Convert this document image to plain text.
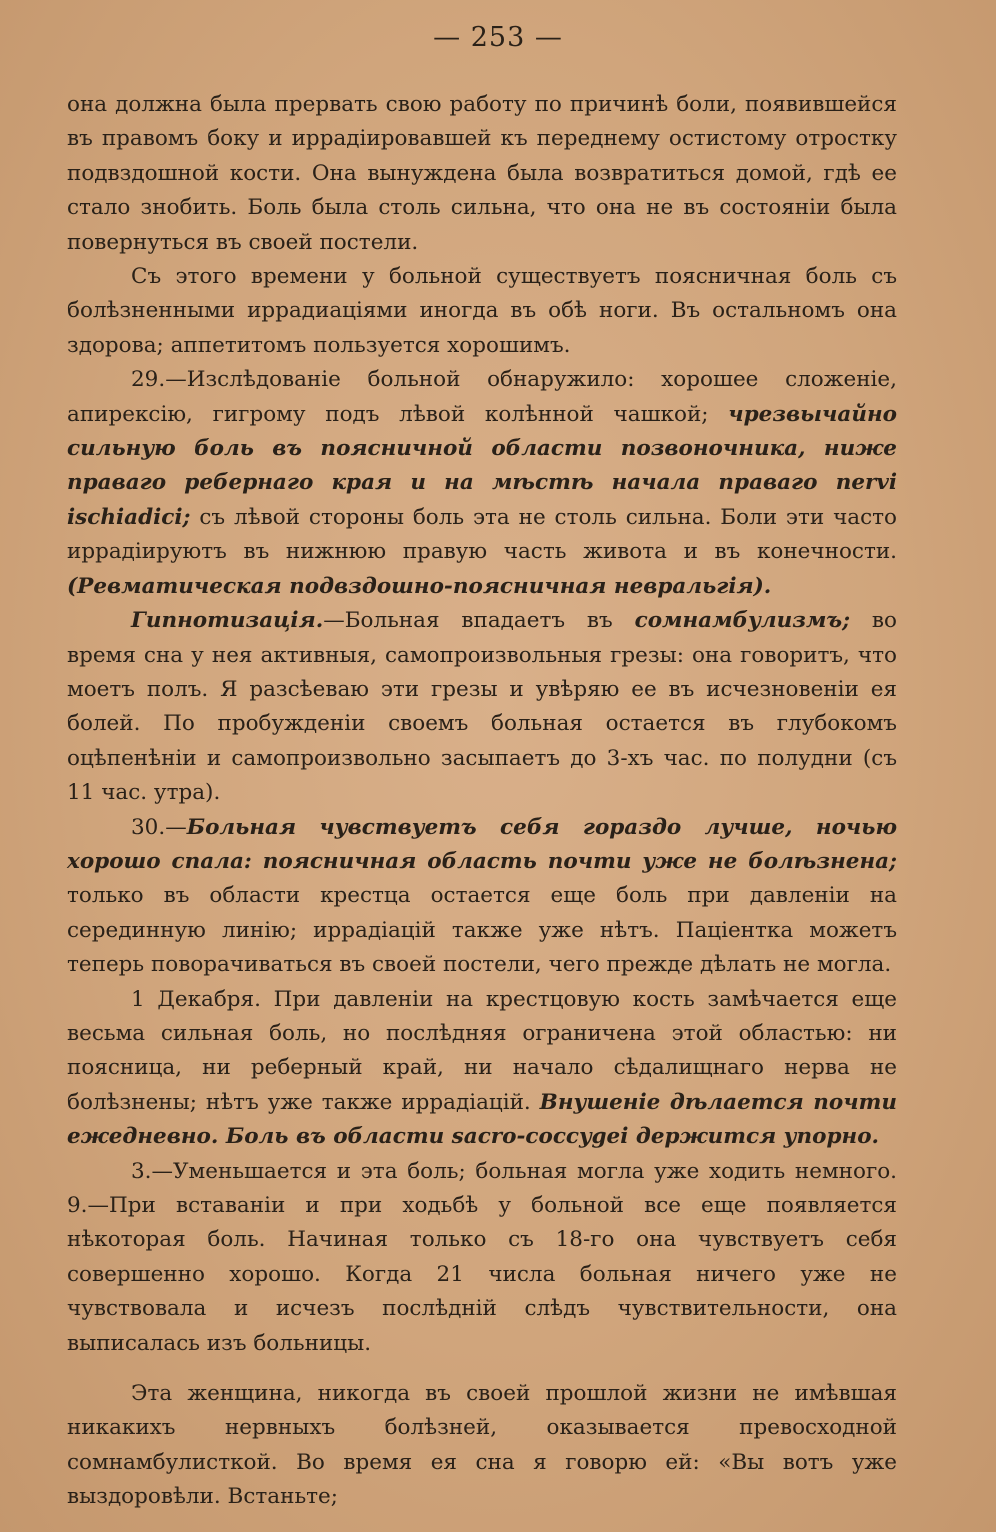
— 253 —

она должна была прервать свою работу по причинѣ боли, появившейся въ правомъ боку и иррадіировавшей къ переднему остистому отростку подвздошной кости. Она вынуждена была возвратиться домой, гдѣ ее стало знобить. Боль была столь сильна, что она не въ состояніи была повернуться въ своей постели.

Съ этого времени у больной существуетъ поясничная боль съ болѣзненными иррадиаціями иногда въ обѣ ноги. Въ остальномъ она здорова; аппетитомъ пользуется хорошимъ.

29.—Изслѣдованіе больной обнаружило: хорошее сложеніе, апирексію, гигрому подъ лѣвой колѣнной чашкой; чрезвычайно сильную боль въ поясничной области позвоночника, ниже праваго ребернаго края и на мѣстѣ начала праваго nervi ischiadici; съ лѣвой стороны боль эта не столь сильна. Боли эти часто иррадіируютъ въ нижнюю правую часть живота и въ конечности. (Ревматическая подвздошно-поясничная невральгія).

Гипнотизація.—Больная впадаетъ въ сомнамбулизмъ; во время сна у нея активныя, самопроизвольныя грезы: она говоритъ, что моетъ полъ. Я разсѣеваю эти грезы и увѣряю ее въ исчезновеніи ея болей. По пробужденіи своемъ больная остается въ глубокомъ оцѣпенѣніи и самопроизвольно засыпаетъ до 3-хъ час. по полудни (съ 11 час. утра).

30.—Больная чувствуетъ себя гораздо лучше, ночью хорошо спала: поясничная область почти уже не болѣзнена; только въ области крестца остается еще боль при давленіи на серединную линію; иррадіацій также уже нѣтъ. Паціентка можетъ теперь поворачиваться въ своей постели, чего прежде дѣлать не могла.

1 Декабря. При давленіи на крестцовую кость замѣчается еще весьма сильная боль, но послѣдняя ограничена этой областью: ни поясница, ни реберный край, ни начало сѣдалищнаго нерва не болѣзнены; нѣтъ уже также иррадіацій. Внушеніе дѣлается почти ежедневно. Боль въ области sacro-coccygei держится упорно.

3.—Уменьшается и эта боль; больная могла уже ходить немного. 9.—При вставаніи и при ходьбѣ у больной все еще появляется нѣкоторая боль. Начиная только съ 18-го она чувствуетъ себя совершенно хорошо. Когда 21 числа больная ничего уже не чувствовала и исчезъ послѣдній слѣдъ чувствительности, она выписалась изъ больницы.

Эта женщина, никогда въ своей прошлой жизни не имѣвшая никакихъ нервныхъ болѣзней, оказывается превосходной сомнамбулисткой. Во время ея сна я говорю ей: «Вы вотъ уже выздоровѣли. Встаньте;
